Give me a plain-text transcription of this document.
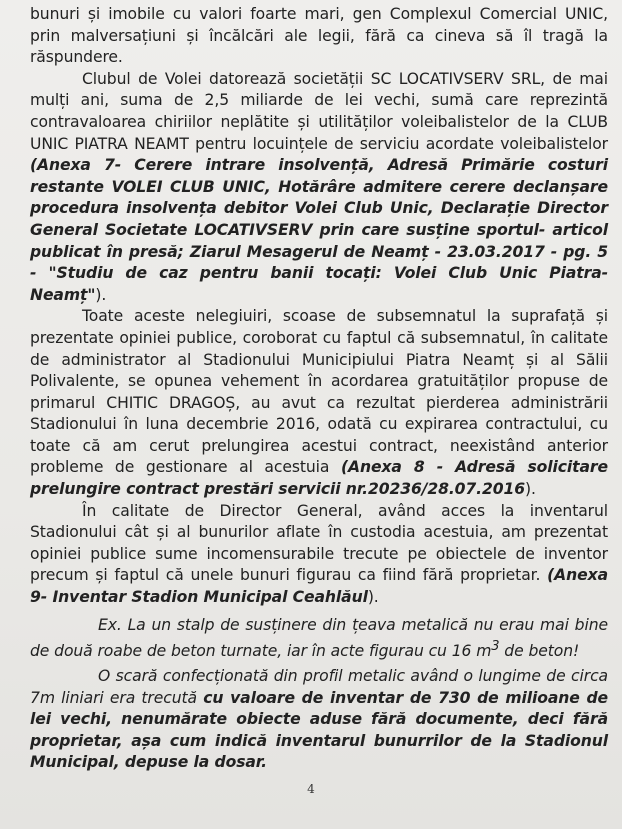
bunuri și imobile cu valori foarte mari, gen Complexul Comercial UNIC, prin malversațiuni și încălcări ale legii, fără ca cineva să îl tragă la răspundere.

Clubul de Volei datorează societății SC LOCATIVSERV SRL, de mai mulți ani, suma de 2,5 miliarde de lei vechi, sumă care reprezintă contravaloarea chiriilor neplătite și utilităților voleibalistelor de la CLUB UNIC PIATRA NEAMT pentru locuințele de serviciu acordate voleibalistelor (Anexa 7- Cerere intrare insolvență, Adresă Primărie costuri restante VOLEI CLUB UNIC, Hotărâre admitere cerere declanșare procedura insolvența debitor Volei Club Unic, Declarație Director General Societate LOCATIVSERV prin care susține sportul- articol publicat în presă; Ziarul Mesagerul de Neamț - 23.03.2017 - pg. 5 - "Studiu de caz pentru banii tocați: Volei Club Unic Piatra-Neamț").

Toate aceste nelegiuiri, scoase de subsemnatul la suprafață și prezentate opiniei publice, coroborat cu faptul că subsemnatul, în calitate de administrator al Stadionului Municipiului Piatra Neamț și al Sălii Polivalente, se opunea vehement în acordarea gratuităților propuse de primarul CHITIC DRAGOȘ, au avut ca rezultat pierderea administrării Stadionului în luna decembrie 2016, odată cu expirarea contractului, cu toate că am cerut prelungirea acestui contract, neexistând anterior probleme de gestionare al acestuia (Anexa 8 - Adresă solicitare prelungire contract prestări servicii nr.20236/28.07.2016).

În calitate de Director General, având acces la inventarul Stadionului cât și al bunurilor aflate în custodia acestuia, am prezentat opiniei publice sume incomensurabile trecute pe obiectele de inventor precum și faptul că unele bunuri figurau ca fiind fără proprietar. (Anexa 9- Inventar Stadion Municipal Ceahlăul).

Ex. La un stalp de susținere din țeava metalică nu erau mai bine de două roabe de beton turnate, iar în acte figurau cu 16 $m^3$ de beton!

O scară confecționată din profil metalic având o lungime de circa 7m liniari era trecută cu valoare de inventar de 730 de milioane de lei vechi, nenumărate obiecte aduse fără documente, deci fără proprietar, așa cum indică inventarul bunurrilor de la Stadionul Municipal, depuse la dosar.

4
